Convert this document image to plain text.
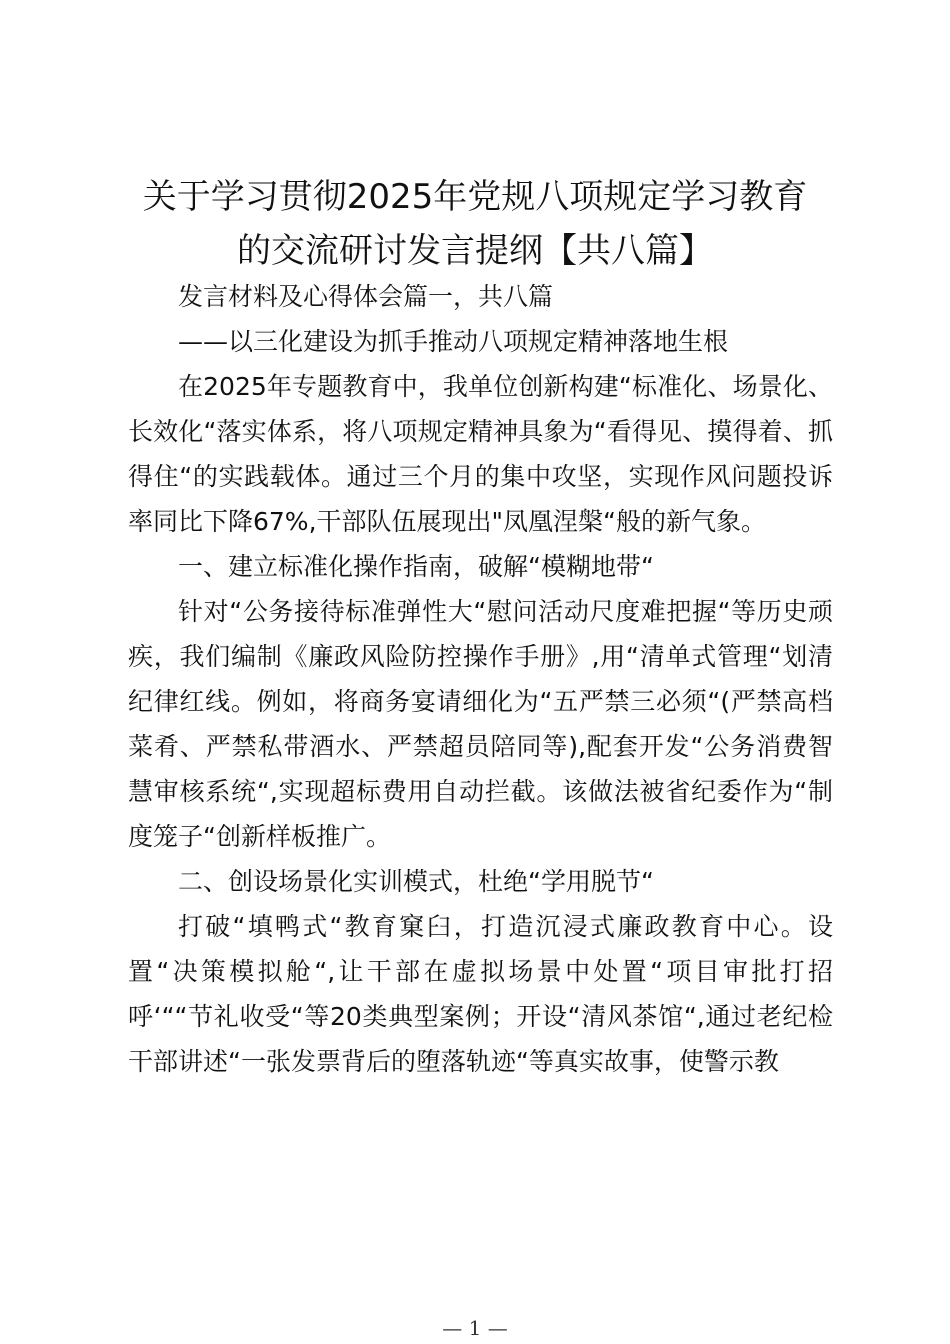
关于学习贯彻2025年党规八项规定学习教育
的交流研讨发言提纲【共八篇】

发言材料及心得体会篇一，共八篇

——以三化建设为抓手推动八项规定精神落地生根

在2025年专题教育中，我单位创新构建“标准化、场景化、长效化“落实体系，将八项规定精神具象为“看得见、摸得着、抓得住“的实践载体。通过三个月的集中攻坚，实现作风问题投诉率同比下降67%,干部队伍展现出"凤凰涅槃“般的新气象。

一、建立标准化操作指南，破解“模糊地带“

针对“公务接待标准弹性大“慰问活动尺度难把握“等历史顽疾，我们编制《廉政风险防控操作手册》,用“清单式管理“划清纪律红线。例如，将商务宴请细化为“五严禁三必须“(严禁高档菜肴、严禁私带酒水、严禁超员陪同等),配套开发“公务消费智慧审核系统“,实现超标费用自动拦截。该做法被省纪委作为“制度笼子“创新样板推广。

二、创设场景化实训模式，杜绝“学用脱节“

打破“填鸭式“教育窠臼，打造沉浸式廉政教育中心。设置“决策模拟舱“,让干部在虚拟场景中处置“项目审批打招呼‘““节礼收受“等20类典型案例；开设“清风茶馆“,通过老纪检干部讲述“一张发票背后的堕落轨迹“等真实故事，使警示教

— 1 —
